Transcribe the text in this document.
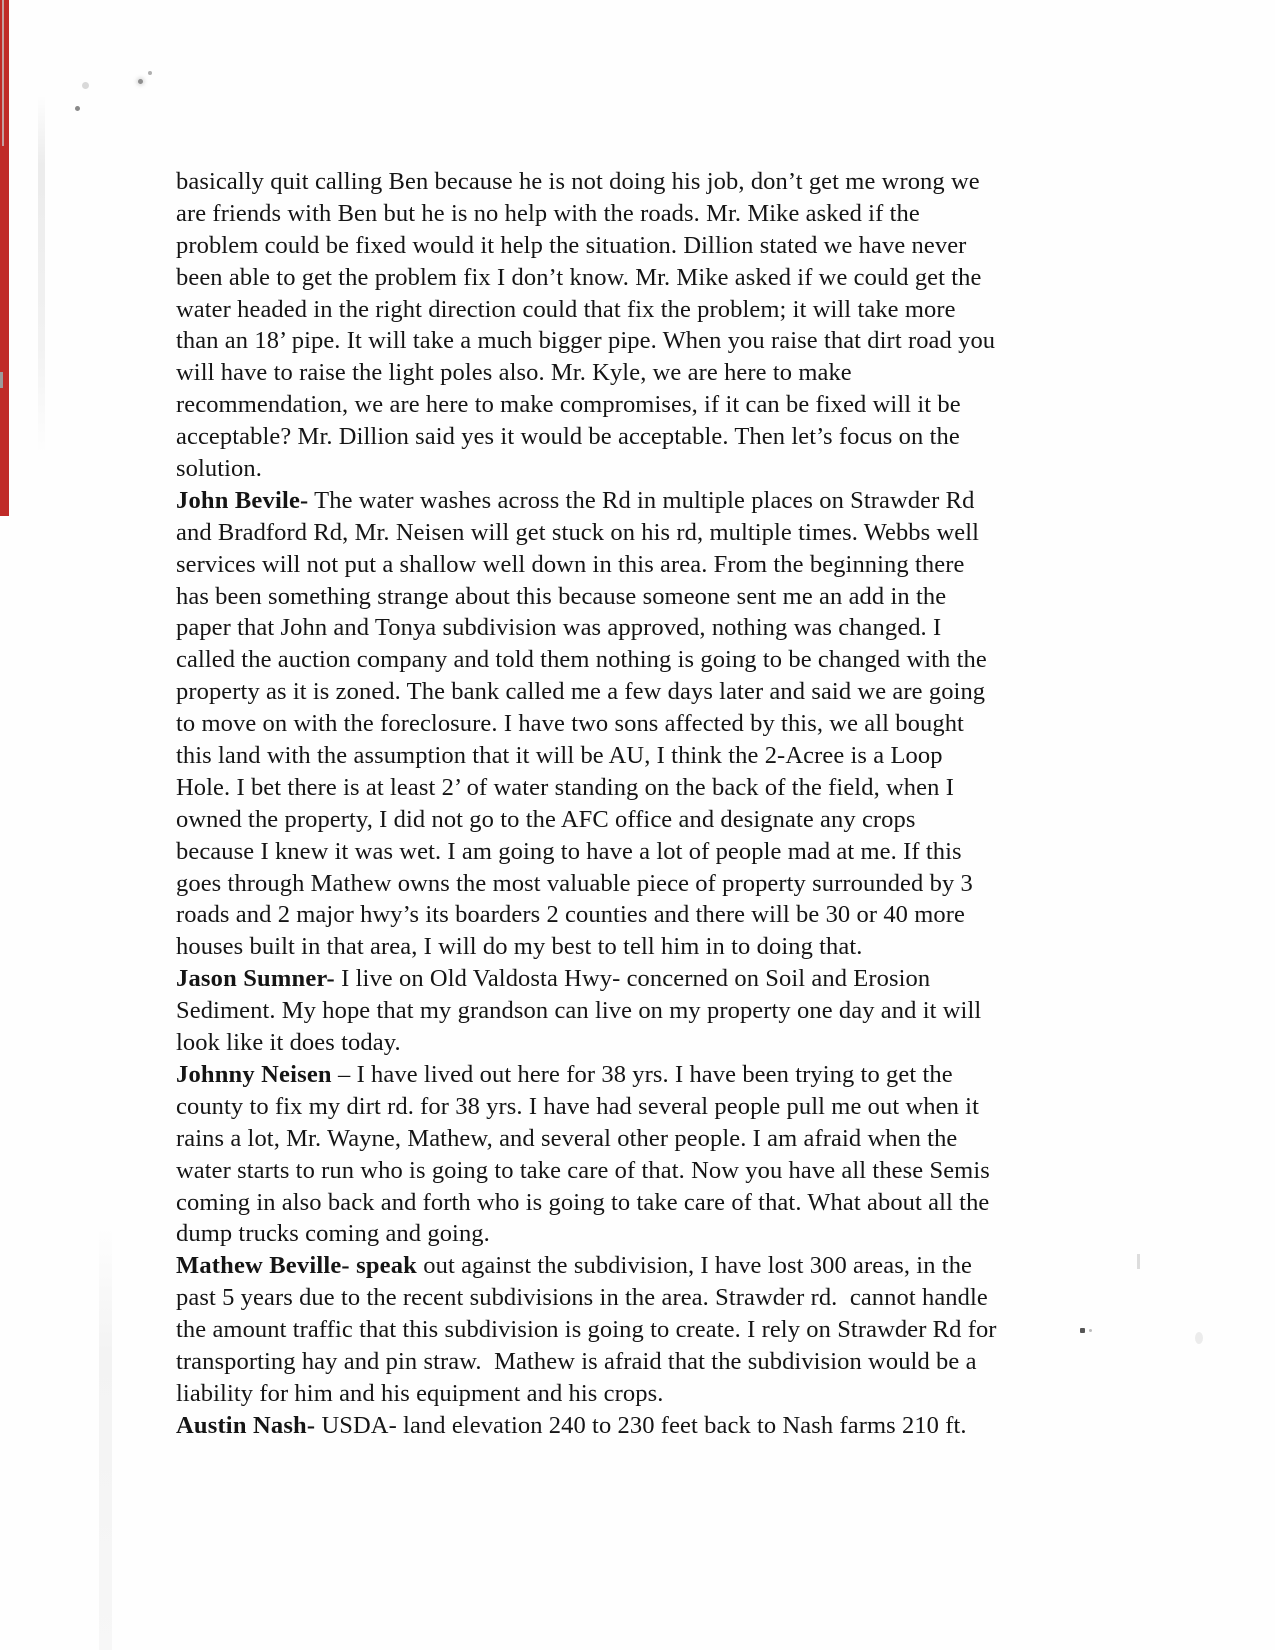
basically quit calling Ben because he is not doing his job, don’t get me wrong we
are friends with Ben but he is no help with the roads. Mr. Mike asked if the
problem could be fixed would it help the situation. Dillion stated we have never
been able to get the problem fix I don’t know. Mr. Mike asked if we could get the
water headed in the right direction could that fix the problem; it will take more
than an 18’ pipe. It will take a much bigger pipe. When you raise that dirt road you
will have to raise the light poles also. Mr. Kyle, we are here to make
recommendation, we are here to make compromises, if it can be fixed will it be
acceptable? Mr. Dillion said yes it would be acceptable. Then let’s focus on the
solution.
John Bevile- The water washes across the Rd in multiple places on Strawder Rd
and Bradford Rd, Mr. Neisen will get stuck on his rd, multiple times. Webbs well
services will not put a shallow well down in this area. From the beginning there
has been something strange about this because someone sent me an add in the
paper that John and Tonya subdivision was approved, nothing was changed. I
called the auction company and told them nothing is going to be changed with the
property as it is zoned. The bank called me a few days later and said we are going
to move on with the foreclosure. I have two sons affected by this, we all bought
this land with the assumption that it will be AU, I think the 2-Acree is a Loop
Hole. I bet there is at least 2’ of water standing on the back of the field, when I
owned the property, I did not go to the AFC office and designate any crops
because I knew it was wet. I am going to have a lot of people mad at me. If this
goes through Mathew owns the most valuable piece of property surrounded by 3
roads and 2 major hwy’s its boarders 2 counties and there will be 30 or 40 more
houses built in that area, I will do my best to tell him in to doing that.
Jason Sumner- I live on Old Valdosta Hwy- concerned on Soil and Erosion
Sediment. My hope that my grandson can live on my property one day and it will
look like it does today.
Johnny Neisen – I have lived out here for 38 yrs. I have been trying to get the
county to fix my dirt rd. for 38 yrs. I have had several people pull me out when it
rains a lot, Mr. Wayne, Mathew, and several other people. I am afraid when the
water starts to run who is going to take care of that. Now you have all these Semis
coming in also back and forth who is going to take care of that. What about all the
dump trucks coming and going.
Mathew Beville- speak out against the subdivision, I have lost 300 areas, in the
past 5 years due to the recent subdivisions in the area. Strawder rd.  cannot handle
the amount traffic that this subdivision is going to create. I rely on Strawder Rd for
transporting hay and pin straw.  Mathew is afraid that the subdivision would be a
liability for him and his equipment and his crops.
Austin Nash- USDA- land elevation 240 to 230 feet back to Nash farms 210 ft.
